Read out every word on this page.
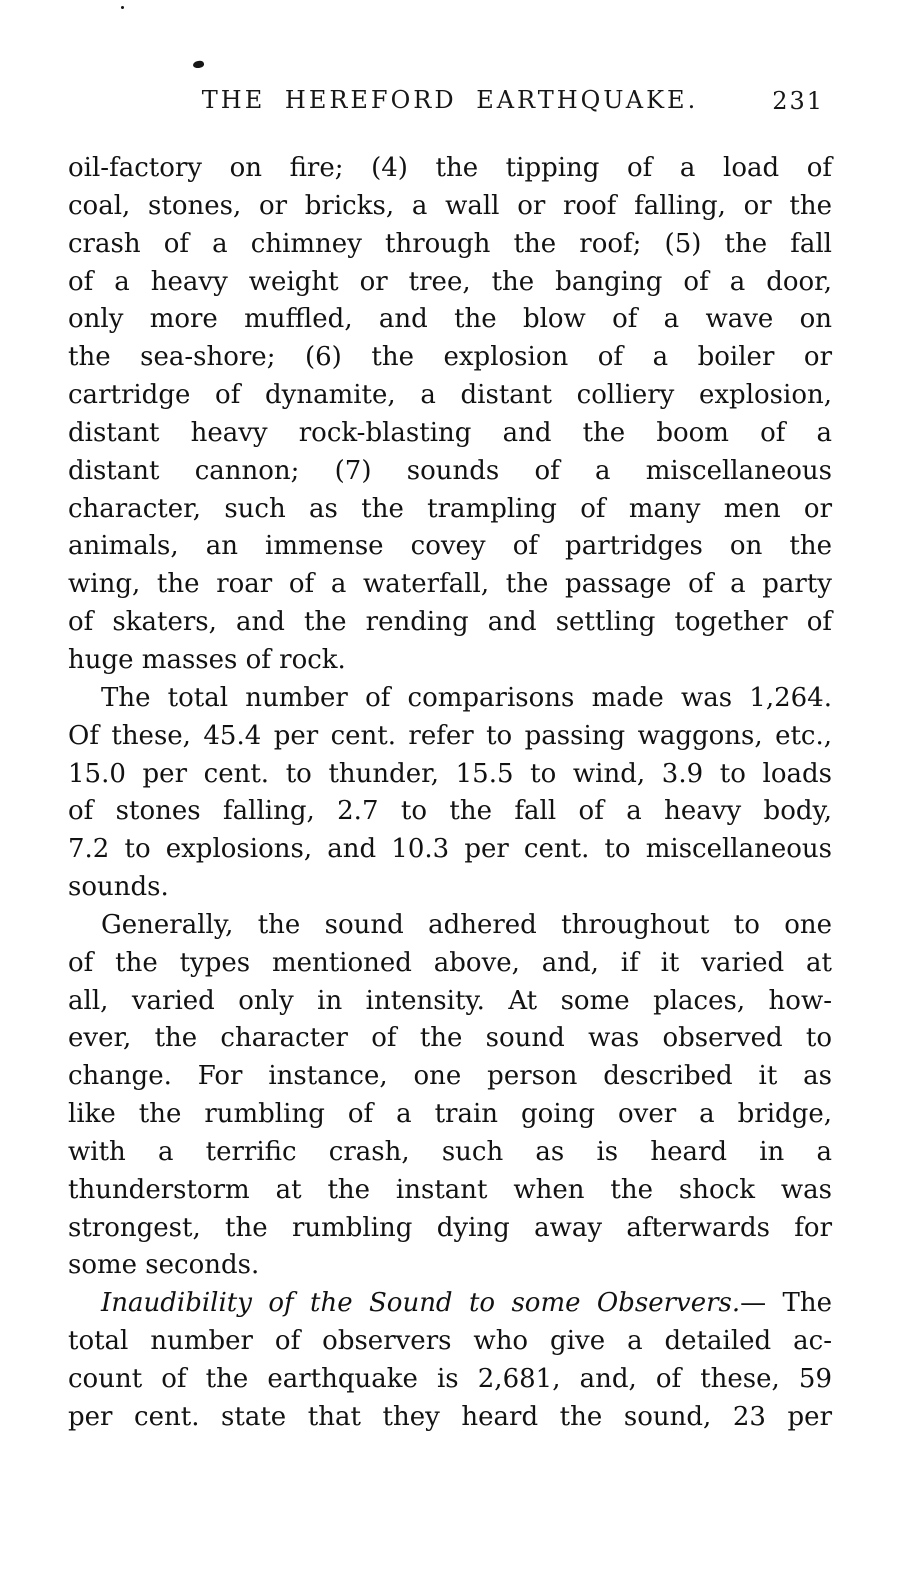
THE HEREFORD EARTHQUAKE.	231
oil-factory on fire; (4) the tipping of a load of
coal, stones, or bricks, a wall or roof falling, or the
crash of a chimney through the roof; (5) the fall
of a heavy weight or tree, the banging of a door,
only more muffled, and the blow of a wave on
the sea-shore; (6) the explosion of a boiler or
cartridge of dynamite, a distant colliery explosion,
distant heavy rock-blasting and the boom of a
distant cannon; (7) sounds of a miscellaneous
character, such as the trampling of many men or
animals, an immense covey of partridges on the
wing, the roar of a waterfall, the passage of a party
of skaters, and the rending and settling together of
huge masses of rock.
The total number of comparisons made was 1,264.
Of these, 45.4 per cent. refer to passing waggons, etc.,
15.0 per cent. to thunder, 15.5 to wind, 3.9 to loads
of stones falling, 2.7 to the fall of a heavy body,
7.2 to explosions, and 10.3 per cent. to miscellaneous
sounds.
Generally, the sound adhered throughout to one
of the types mentioned above, and, if it varied at
all, varied only in intensity. At some places, how-
ever, the character of the sound was observed to
change. For instance, one person described it as
like the rumbling of a train going over a bridge,
with a terrific crash, such as is heard in a
thunderstorm at the instant when the shock was
strongest, the rumbling dying away afterwards for
some seconds.
Inaudibility of the Sound to some Observers.— The
total number of observers who give a detailed ac-
count of the earthquake is 2,681, and, of these, 59
per cent. state that they heard the sound, 23 per
